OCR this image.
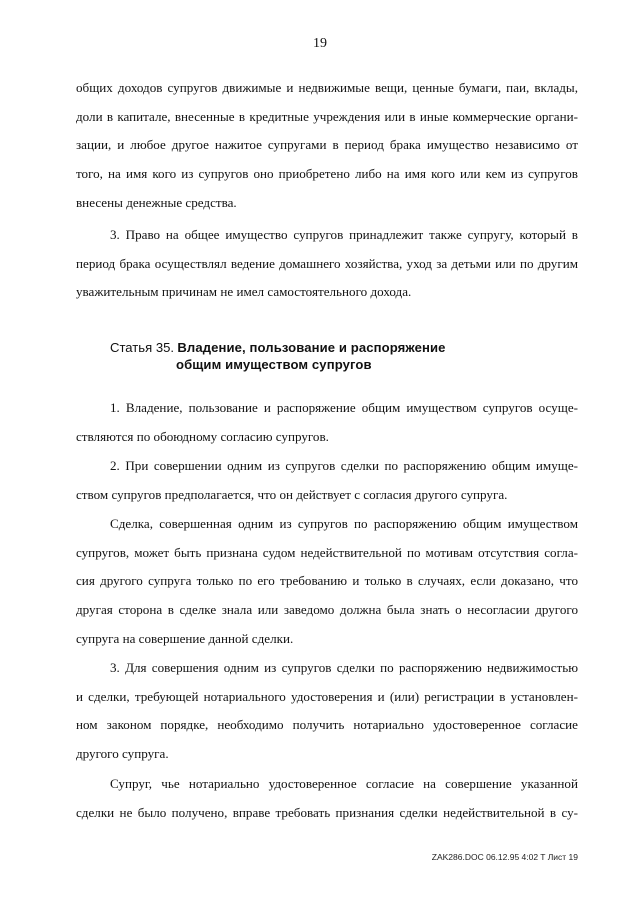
19
общих доходов супругов движимые и недвижимые вещи, ценные бумаги, паи, вклады,
доли в капитале, внесенные в кредитные учреждения или в иные коммерческие органи-
зации, и любое другое нажитое супругами в период брака имущество независимо от
того, на имя кого из супругов оно приобретено либо на имя кого или кем из супругов
внесены денежные средства.
3. Право на общее имущество супругов принадлежит также супругу, который в
период брака осуществлял ведение домашнего хозяйства, уход за детьми или по другим
уважительным причинам не имел самостоятельного дохода.
Статья 35. Владение, пользование и распоряжение
общим имуществом супругов
1. Владение, пользование и распоряжение общим имуществом супругов осуще-
ствляются по обоюдному согласию супругов.
2. При совершении одним из супругов сделки по распоряжению общим имуще-
ством супругов предполагается, что он действует с согласия другого супруга.
Сделка, совершенная одним из супругов по распоряжению общим имуществом
супругов, может быть признана судом недействительной по мотивам отсутствия согла-
сия другого супруга только по его требованию и только в случаях, если доказано, что
другая сторона в сделке знала или заведомо должна была знать о несогласии другого
супруга на совершение данной сделки.
3. Для совершения одним из супругов сделки по распоряжению недвижимостью
и сделки, требующей нотариального удостоверения и (или) регистрации в установлен-
ном законом порядке, необходимо получить нотариально удостоверенное согласие
другого супруга.
Супруг, чье нотариально удостоверенное согласие на совершение указанной
сделки не было получено, вправе требовать признания сделки недействительной в су-
ZAK286.DOC 06.12.95 4:02 T Лист 19
